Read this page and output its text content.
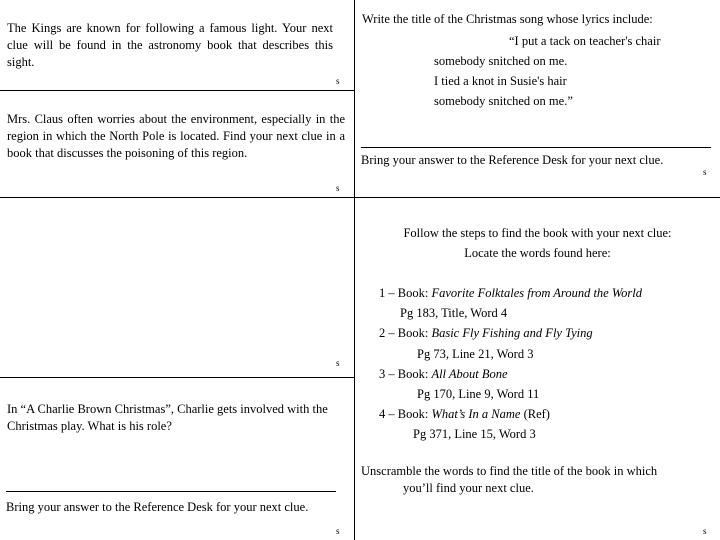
The Kings are known for following a famous light. Your next clue will be found in the astronomy book that describes this sight.
s
Write the title of the Christmas song whose lyrics include:
“I put a tack on teacher's chair
somebody snitched on me.
I tied a knot in Susie's hair
somebody snitched on me.”
Bring your answer to the Reference Desk for your next clue.
s
Mrs. Claus often worries about the environment, especially in the region in which the North Pole is located. Find your next clue in a book that discusses the poisoning of this region.
s
s
Follow the steps to find the book with your next clue:
Locate the words found here:
1 – Book: Favorite Folktales from Around the World
Pg 183, Title, Word 4
2 – Book: Basic Fly Fishing and Fly Tying
Pg 73, Line 21, Word 3
3 – Book: All About Bone
Pg 170, Line 9, Word 11
4 – Book: What’s In a Name (Ref)
Pg 371, Line 15, Word 3
Unscramble the words to find the title of the book in which
you’ll find your next clue.
s
In “A Charlie Brown Christmas”, Charlie gets involved with the Christmas play. What is his role?
Bring your answer to the Reference Desk for your next clue.
s
